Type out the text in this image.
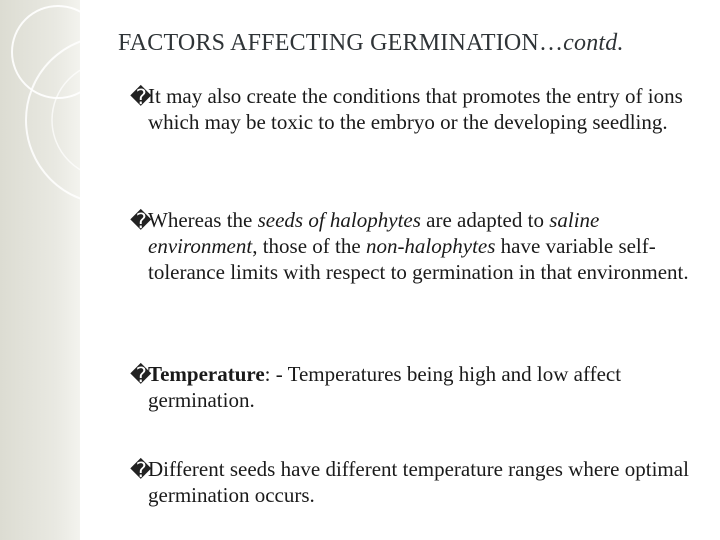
FACTORS AFFECTING GERMINATION…contd.
�
It may also create the conditions that promotes the entry of ions which may be toxic to the embryo or the developing seedling.
�
Whereas the seeds of halophytes are adapted to saline environment, those of the non-halophytes have variable self-tolerance limits with respect to germination in that environment.
�
Temperature: - Temperatures being high and low affect germination.
�
Different seeds have different temperature ranges where optimal germination occurs.
